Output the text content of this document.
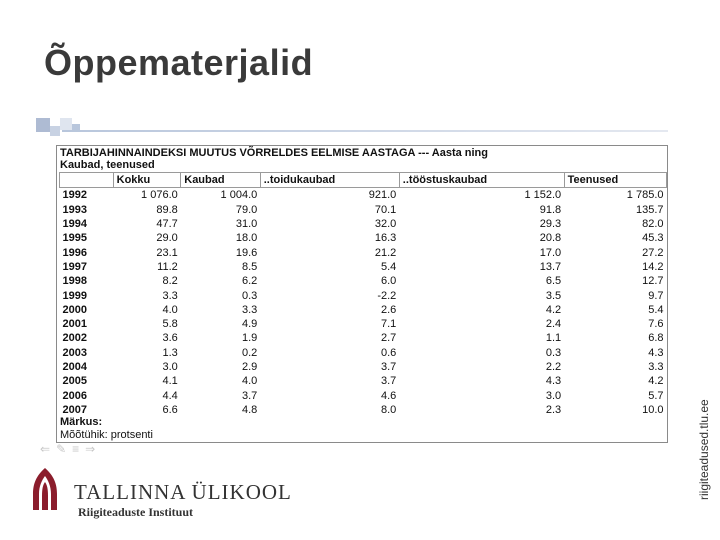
Õppematerjalid
TARBIJAHINNAINDEKSI MUUTUS VÕRRELDES EELMISE AASTAGA --- Aasta ning
Kaubad, teenused
	Kokku	Kaubad	..toidukaubad		..tööstuskaubad	Teenused
1992	1 076.0	1 004.0		921.0	1 152.0	1 785.0
1993	89.8	79.0		70.1	91.8	135.7
1994	47.7	31.0		32.0	29.3	82.0
1995	29.0	18.0		16.3	20.8	45.3
1996	23.1	19.6		21.2	17.0	27.2
1997	11.2	8.5		5.4	13.7	14.2
1998	8.2	6.2		6.0	6.5	12.7
1999	3.3	0.3		-2.2	3.5	9.7
2000	4.0	3.3		2.6	4.2	5.4
2001	5.8	4.9		7.1	2.4	7.6
2002	3.6	1.9		2.7	1.1	6.8
2003	1.3	0.2		0.6	0.3	4.3
2004	3.0	2.9		3.7	2.2	3.3
2005	4.1	4.0		3.7	4.3	4.2
2006	4.4	3.7		4.6	3.0	5.7
2007	6.6	4.8		8.0	2.3	10.0
Märkus:
Mõõtühik: protsenti
⇐✎≡⇒	riigiteadused.tlu.ee
TALLINNA ÜLIKOOL
Riigiteaduste Instituut
